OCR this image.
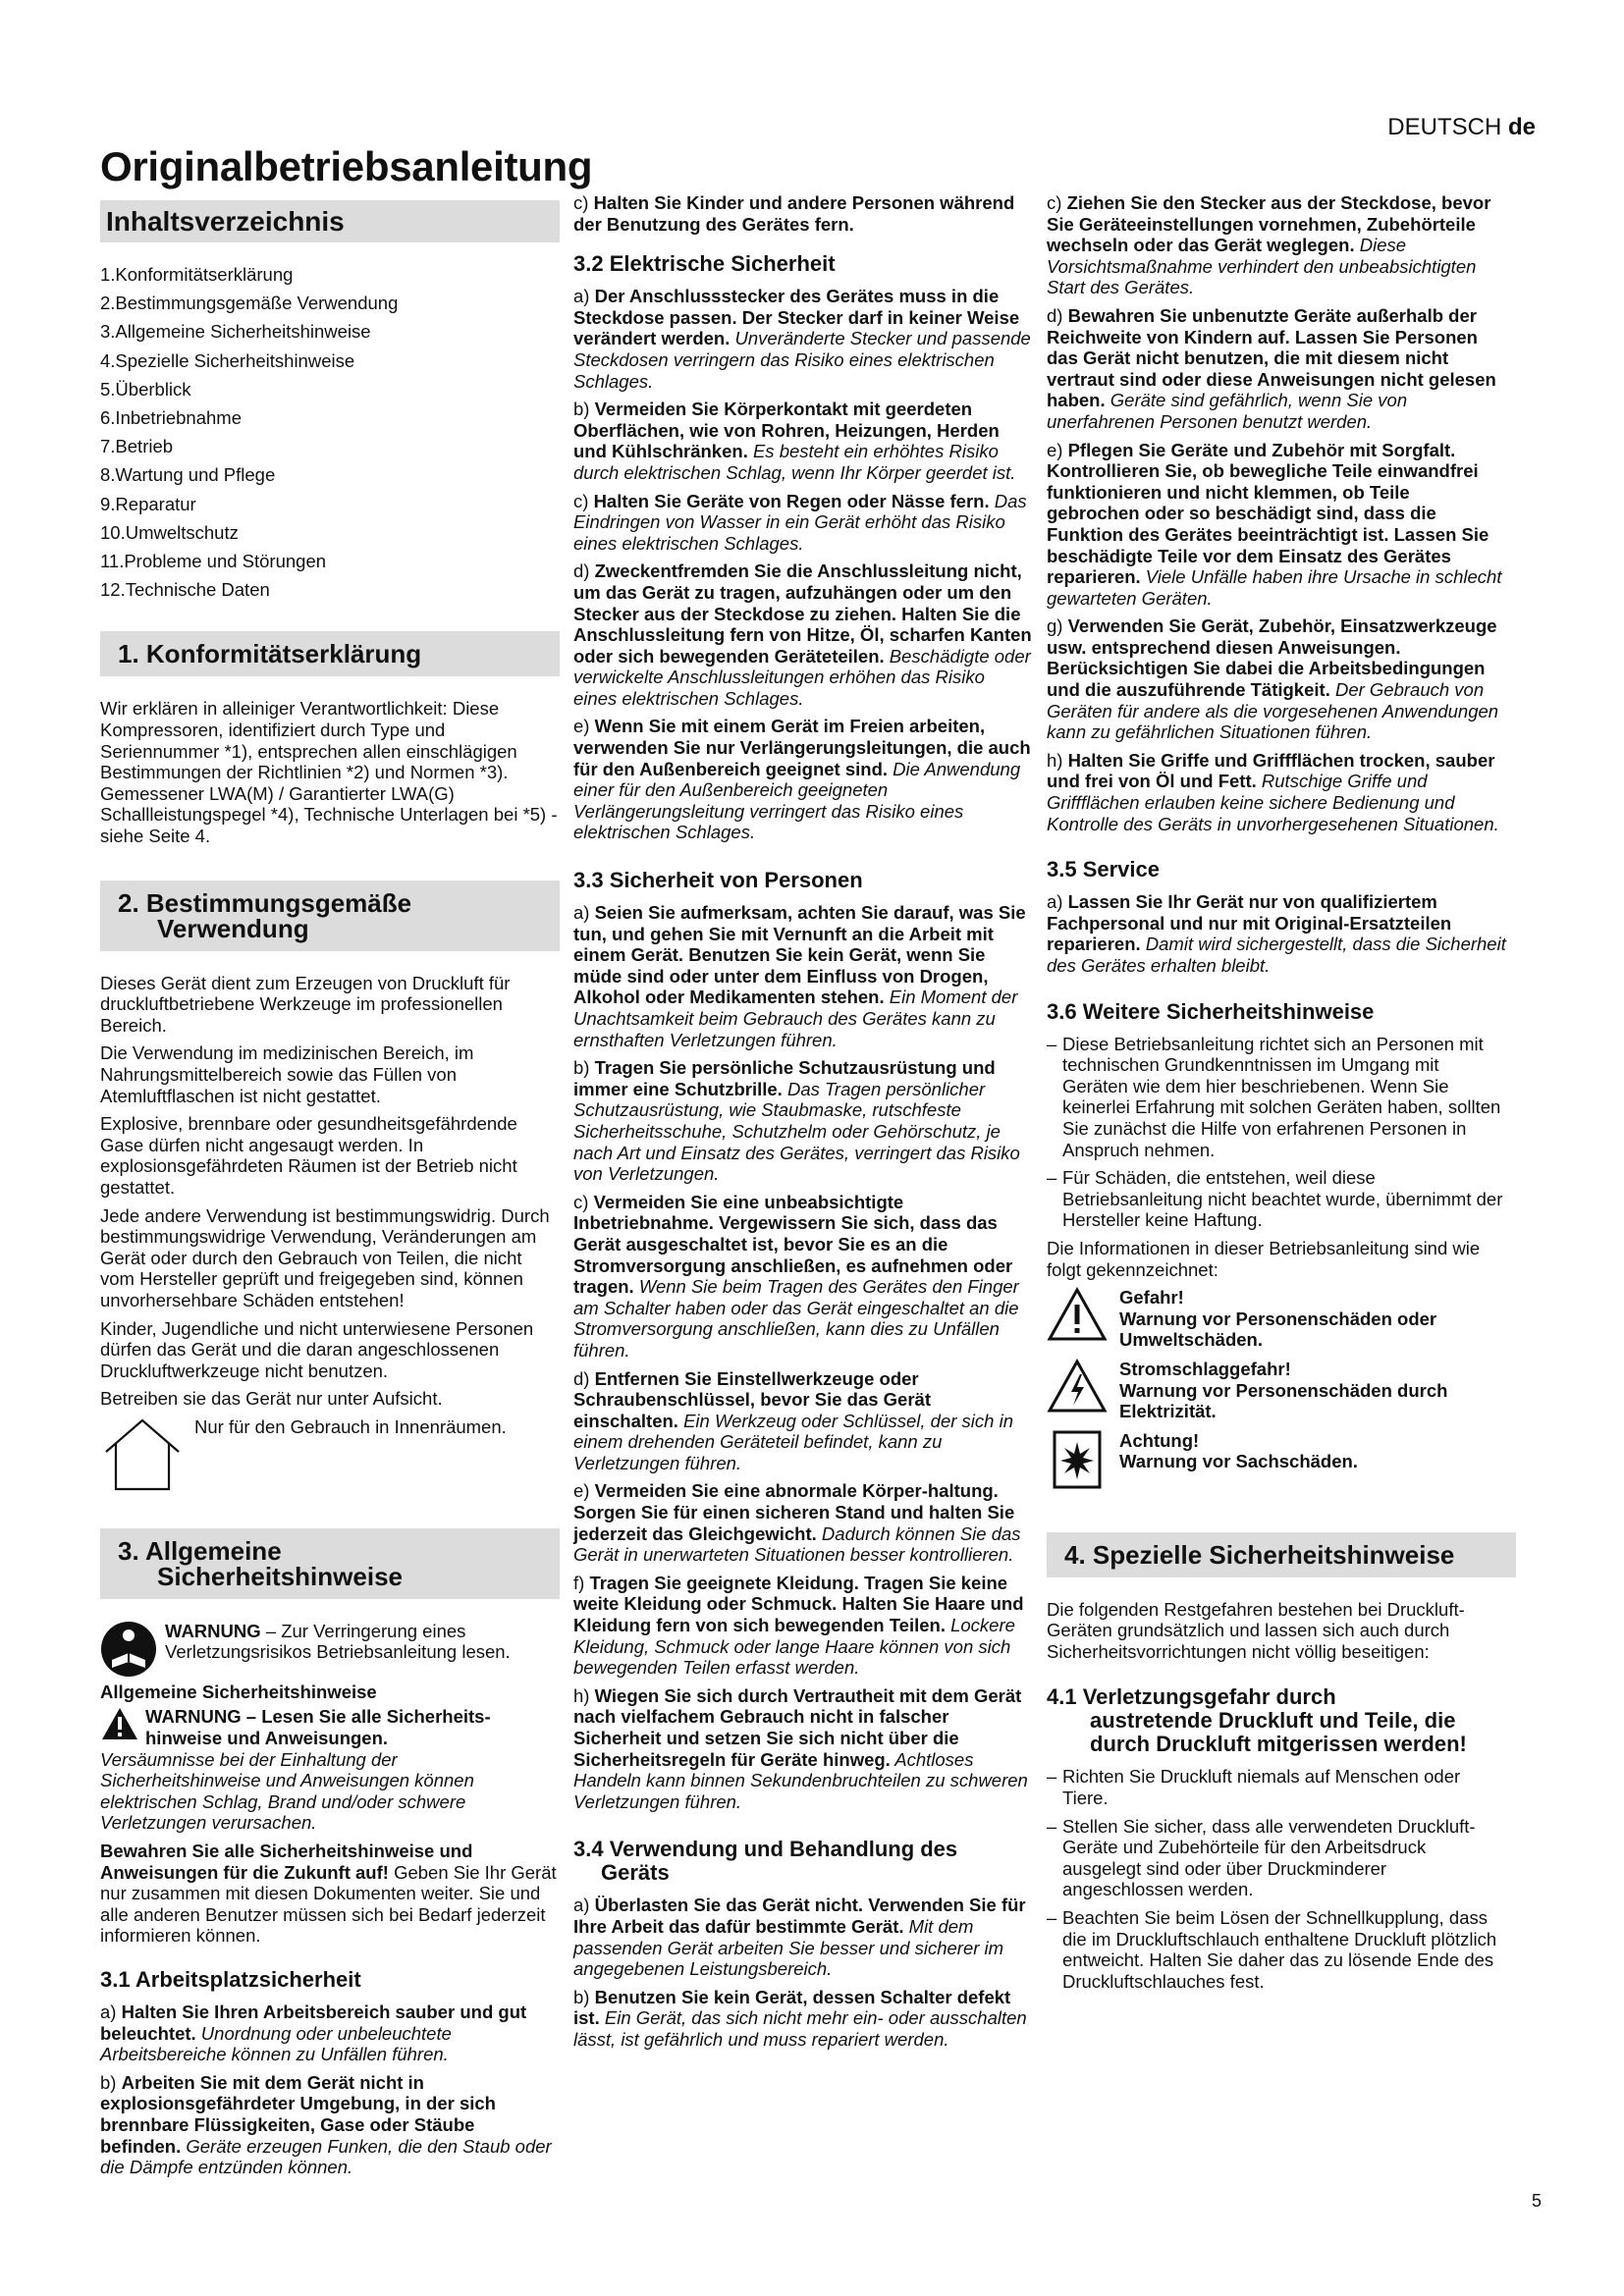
DEUTSCH de
Originalbetriebsanleitung
Inhaltsverzeichnis
1.Konformitätserklärung
2.Bestimmungsgemäße Verwendung
3.Allgemeine Sicherheitshinweise
4.Spezielle Sicherheitshinweise
5.Überblick
6.Inbetriebnahme
7.Betrieb
8.Wartung und Pflege
9.Reparatur
10.Umweltschutz
11.Probleme und Störungen
12.Technische Daten
1. Konformitätserklärung

Wir erklären in alleiniger Verantwortlichkeit: Diese Kompressoren, identifiziert durch Type und Seriennummer *1), entsprechen allen einschlägigen Bestimmungen der Richtlinien *2) und Normen *3). Gemessener LWA(M) / Garantierter LWA(G) Schallleistungspegel *4), Technische Unterlagen bei *5) - siehe Seite 4.

2. Bestimmungsgemäße
Verwendung

Dieses Gerät dient zum Erzeugen von Druckluft für druckluftbetriebene Werkzeuge im professionellen Bereich.

Die Verwendung im medizinischen Bereich, im Nahrungsmittelbereich sowie das Füllen von Atemluftflaschen ist nicht gestattet.

Explosive, brennbare oder gesundheitsgefährdende Gase dürfen nicht angesaugt werden. In explosionsgefährdeten Räumen ist der Betrieb nicht gestattet.

Jede andere Verwendung ist bestimmungswidrig. Durch bestimmungswidrige Verwendung, Veränderungen am Gerät oder durch den Gebrauch von Teilen, die nicht vom Hersteller geprüft und freigegeben sind, können unvorhersehbare Schäden entstehen!

Kinder, Jugendliche und nicht unterwiesene Personen dürfen das Gerät und die daran angeschlossenen Druckluftwerkzeuge nicht benutzen.

Betreiben sie das Gerät nur unter Aufsicht.

Nur für den Gebrauch in Innenräumen.
3. Allgemeine
Sicherheitshinweise
WARNUNG – Zur Verringerung eines Verletzungsrisikos Betriebsanleitung lesen.

Allgemeine Sicherheitshinweise

WARNUNG – Lesen Sie alle Sicherheits-hinweise und Anweisungen.

Versäumnisse bei der Einhaltung der Sicherheitshinweise und Anweisungen können elektrischen Schlag, Brand und/oder schwere Verletzungen verursachen.

Bewahren Sie alle Sicherheitshinweise und Anweisungen für die Zukunft auf! Geben Sie Ihr Gerät nur zusammen mit diesen Dokumenten weiter. Sie und alle anderen Benutzer müssen sich bei Bedarf jederzeit informieren können.

3.1 Arbeitsplatzsicherheit

a) Halten Sie Ihren Arbeitsbereich sauber und gut beleuchtet. Unordnung oder unbeleuchtete Arbeitsbereiche können zu Unfällen führen.

b) Arbeiten Sie mit dem Gerät nicht in explosionsgefährdeter Umgebung, in der sich brennbare Flüssigkeiten, Gase oder Stäube befinden. Geräte erzeugen Funken, die den Staub oder die Dämpfe entzünden können.

c) Halten Sie Kinder und andere Personen während der Benutzung des Gerätes fern.

3.2 Elektrische Sicherheit

a) Der Anschlussstecker des Gerätes muss in die Steckdose passen. Der Stecker darf in keiner Weise verändert werden. Unveränderte Stecker und passende Steckdosen verringern das Risiko eines elektrischen Schlages.

b) Vermeiden Sie Körperkontakt mit geerdeten Oberflächen, wie von Rohren, Heizungen, Herden und Kühlschränken. Es besteht ein erhöhtes Risiko durch elektrischen Schlag, wenn Ihr Körper geerdet ist.

c) Halten Sie Geräte von Regen oder Nässe fern. Das Eindringen von Wasser in ein Gerät erhöht das Risiko eines elektrischen Schlages.

d) Zweckentfremden Sie die Anschlussleitung nicht, um das Gerät zu tragen, aufzuhängen oder um den Stecker aus der Steckdose zu ziehen. Halten Sie die Anschlussleitung fern von Hitze, Öl, scharfen Kanten oder sich bewegenden Geräteteilen. Beschädigte oder verwickelte Anschlussleitungen erhöhen das Risiko eines elektrischen Schlages.

e) Wenn Sie mit einem Gerät im Freien arbeiten, verwenden Sie nur Verlängerungsleitungen, die auch für den Außenbereich geeignet sind. Die Anwendung einer für den Außenbereich geeigneten Verlängerungsleitung verringert das Risiko eines elektrischen Schlages.

3.3 Sicherheit von Personen

a) Seien Sie aufmerksam, achten Sie darauf, was Sie tun, und gehen Sie mit Vernunft an die Arbeit mit einem Gerät. Benutzen Sie kein Gerät, wenn Sie müde sind oder unter dem Einfluss von Drogen, Alkohol oder Medikamenten stehen. Ein Moment der Unachtsamkeit beim Gebrauch des Gerätes kann zu ernsthaften Verletzungen führen.

b) Tragen Sie persönliche Schutzausrüstung und immer eine Schutzbrille. Das Tragen persönlicher Schutzausrüstung, wie Staubmaske, rutschfeste Sicherheitsschuhe, Schutzhelm oder Gehörschutz, je nach Art und Einsatz des Gerätes, verringert das Risiko von Verletzungen.

c) Vermeiden Sie eine unbeabsichtigte Inbetriebnahme. Vergewissern Sie sich, dass das Gerät ausgeschaltet ist, bevor Sie es an die Stromversorgung anschließen, es aufnehmen oder tragen. Wenn Sie beim Tragen des Gerätes den Finger am Schalter haben oder das Gerät eingeschaltet an die Stromversorgung anschließen, kann dies zu Unfällen führen.

d) Entfernen Sie Einstellwerkzeuge oder Schraubenschlüssel, bevor Sie das Gerät einschalten. Ein Werkzeug oder Schlüssel, der sich in einem drehenden Geräteteil befindet, kann zu Verletzungen führen.

e) Vermeiden Sie eine abnormale Körper-haltung. Sorgen Sie für einen sicheren Stand und halten Sie jederzeit das Gleichgewicht. Dadurch können Sie das Gerät in unerwarteten Situationen besser kontrollieren.

f) Tragen Sie geeignete Kleidung. Tragen Sie keine weite Kleidung oder Schmuck. Halten Sie Haare und Kleidung fern von sich bewegenden Teilen. Lockere Kleidung, Schmuck oder lange Haare können von sich bewegenden Teilen erfasst werden.

h) Wiegen Sie sich durch Vertrautheit mit dem Gerät nach vielfachem Gebrauch nicht in falscher Sicherheit und setzen Sie sich nicht über die Sicherheitsregeln für Geräte hinweg. Achtloses Handeln kann binnen Sekundenbruchteilen zu schweren Verletzungen führen.

3.4 Verwendung und Behandlung des
Geräts

a) Überlasten Sie das Gerät nicht. Verwenden Sie für Ihre Arbeit das dafür bestimmte Gerät. Mit dem passenden Gerät arbeiten Sie besser und sicherer im angegebenen Leistungsbereich.

b) Benutzen Sie kein Gerät, dessen Schalter defekt ist. Ein Gerät, das sich nicht mehr ein- oder ausschalten lässt, ist gefährlich und muss repariert werden.

c) Ziehen Sie den Stecker aus der Steckdose, bevor Sie Geräteeinstellungen vornehmen, Zubehörteile wechseln oder das Gerät weglegen. Diese Vorsichtsmaßnahme verhindert den unbeabsichtigten Start des Gerätes.

d) Bewahren Sie unbenutzte Geräte außerhalb der Reichweite von Kindern auf. Lassen Sie Personen das Gerät nicht benutzen, die mit diesem nicht vertraut sind oder diese Anweisungen nicht gelesen haben. Geräte sind gefährlich, wenn Sie von unerfahrenen Personen benutzt werden.

e) Pflegen Sie Geräte und Zubehör mit Sorgfalt. Kontrollieren Sie, ob bewegliche Teile einwandfrei funktionieren und nicht klemmen, ob Teile gebrochen oder so beschädigt sind, dass die Funktion des Gerätes beeinträchtigt ist. Lassen Sie beschädigte Teile vor dem Einsatz des Gerätes reparieren. Viele Unfälle haben ihre Ursache in schlecht gewarteten Geräten.

g) Verwenden Sie Gerät, Zubehör, Einsatzwerkzeuge usw. entsprechend diesen Anweisungen. Berücksichtigen Sie dabei die Arbeitsbedingungen und die auszuführende Tätigkeit. Der Gebrauch von Geräten für andere als die vorgesehenen Anwendungen kann zu gefährlichen Situationen führen.

h) Halten Sie Griffe und Griffflächen trocken, sauber und frei von Öl und Fett. Rutschige Griffe und Griffflächen erlauben keine sichere Bedienung und Kontrolle des Geräts in unvorhergesehenen Situationen.

3.5 Service

a) Lassen Sie Ihr Gerät nur von qualifiziertem Fachpersonal und nur mit Original-Ersatzteilen reparieren. Damit wird sichergestellt, dass die Sicherheit des Gerätes erhalten bleibt.

3.6 Weitere Sicherheitshinweise
– Diese Betriebsanleitung richtet sich an Personen mit technischen Grundkenntnissen im Umgang mit Geräten wie dem hier beschriebenen. Wenn Sie keinerlei Erfahrung mit solchen Geräten haben, sollten Sie zunächst die Hilfe von erfahrenen Personen in Anspruch nehmen.
– Für Schäden, die entstehen, weil diese Betriebsanleitung nicht beachtet wurde, übernimmt der Hersteller keine Haftung.

Die Informationen in dieser Betriebsanleitung sind wie folgt gekennzeichnet:

Gefahr!
Warnung vor Personenschäden oder Umweltschäden.
Stromschlaggefahr!
Warnung vor Personenschäden durch Elektrizität.
Achtung!
Warnung vor Sachschäden.
4. Spezielle Sicherheitshinweise

Die folgenden Restgefahren bestehen bei Druckluft-Geräten grundsätzlich und lassen sich auch durch Sicherheitsvorrichtungen nicht völlig beseitigen:

4.1 Verletzungsgefahr durch
austretende Druckluft und Teile, die durch Druckluft mitgerissen werden!
– Richten Sie Druckluft niemals auf Menschen oder Tiere.
– Stellen Sie sicher, dass alle verwendeten Druckluft-Geräte und Zubehörteile für den Arbeitsdruck ausgelegt sind oder über Druckminderer angeschlossen werden.
– Beachten Sie beim Lösen der Schnellkupplung, dass die im Druckluftschlauch enthaltene Druckluft plötzlich entweicht. Halten Sie daher das zu lösende Ende des Druckluftschlauches fest.
5
